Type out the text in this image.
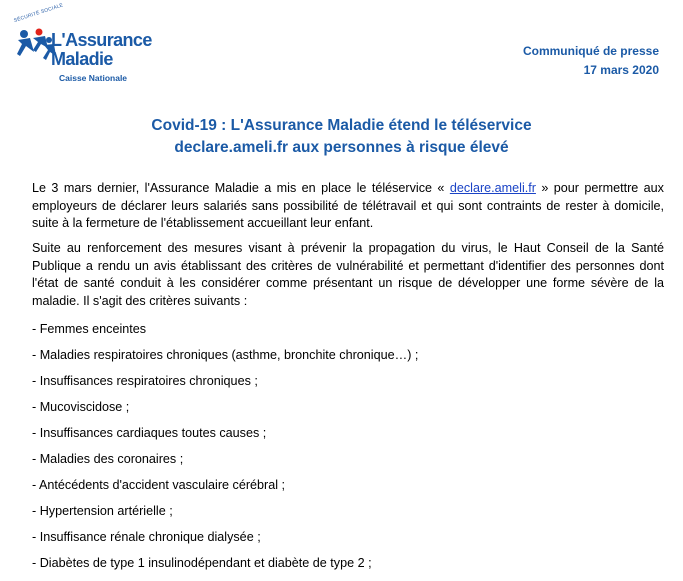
SÉCURITÉ SOCIALE
L'Assurance
Maladie
Caisse Nationale
Communiqué de presse
17 mars 2020
Covid-19 : L'Assurance Maladie étend le téléservice
declare.ameli.fr aux personnes à risque élevé
Le 3 mars dernier, l'Assurance Maladie a mis en place le téléservice « declare.ameli.fr » pour permettre aux employeurs de déclarer leurs salariés sans possibilité de télétravail et qui sont contraints de rester à domicile, suite à la fermeture de l'établissement accueillant leur enfant.
Suite au renforcement des mesures visant à prévenir la propagation du virus, le Haut Conseil de la Santé Publique a rendu un avis établissant des critères de vulnérabilité et permettant d'identifier des personnes dont l'état de santé conduit à les considérer comme présentant un risque de développer une forme sévère de la maladie. Il s'agit des critères suivants :
- Femmes enceintes
- Maladies respiratoires chroniques (asthme, bronchite chronique…) ;
- Insuffisances respiratoires chroniques ;
- Mucoviscidose ;
- Insuffisances cardiaques toutes causes ;
- Maladies des coronaires ;
- Antécédents d'accident vasculaire cérébral ;
- Hypertension artérielle ;
- Insuffisance rénale chronique dialysée ;
- Diabètes de type 1 insulinodépendant et diabète de type 2 ;
